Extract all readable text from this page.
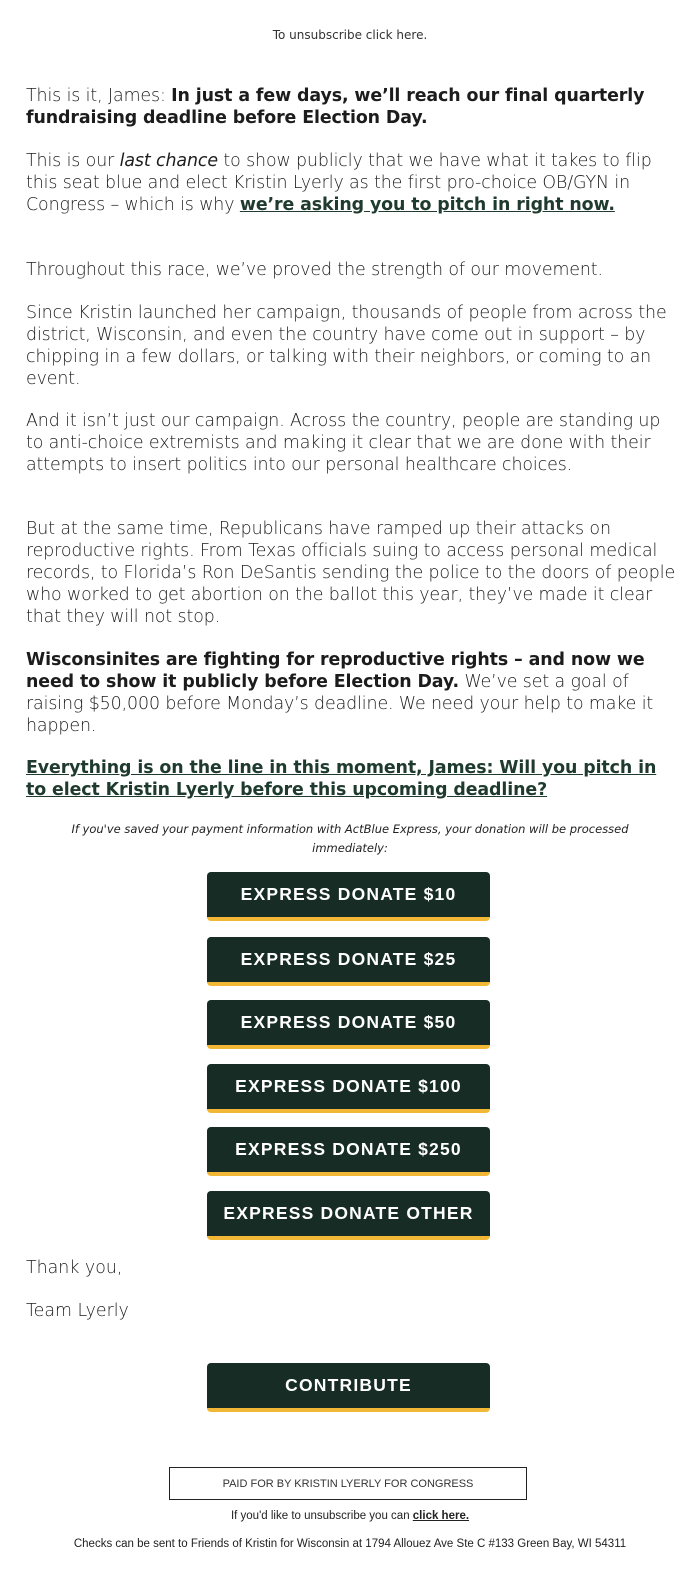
To unsubscribe click here.

This is it, James: In just a few days, we’ll reach our final quarterly fundraising deadline before Election Day.

This is our last chance to show publicly that we have what it takes to flip this seat blue and elect Kristin Lyerly as the first pro-choice OB/GYN in Congress – which is why we’re asking you to pitch in right now.

Throughout this race, we’ve proved the strength of our movement.

Since Kristin launched her campaign, thousands of people from across the district, Wisconsin, and even the country have come out in support – by chipping in a few dollars, or talking with their neighbors, or coming to an event.

And it isn’t just our campaign. Across the country, people are standing up to anti-choice extremists and making it clear that we are done with their attempts to insert politics into our personal healthcare choices.

But at the same time, Republicans have ramped up their attacks on reproductive rights. From Texas officials suing to access personal medical records, to Florida’s Ron DeSantis sending the police to the doors of people who worked to get abortion on the ballot this year, they’ve made it clear that they will not stop.

Wisconsinites are fighting for reproductive rights – and now we need to show it publicly before Election Day. We’ve set a goal of raising $50,000 before Monday’s deadline. We need your help to make it happen.

Everything is on the line in this moment, James: Will you pitch in to elect Kristin Lyerly before this upcoming deadline?

If you've saved your payment information with ActBlue Express, your donation will be processed immediately:
EXPRESS DONATE $10
EXPRESS DONATE $25
EXPRESS DONATE $50
EXPRESS DONATE $100
EXPRESS DONATE $250
EXPRESS DONATE OTHER
Thank you,
Team Lyerly
CONTRIBUTE
PAID FOR BY KRISTIN LYERLY FOR CONGRESS
If you'd like to unsubscribe you can click here.
Checks can be sent to Friends of Kristin for Wisconsin at 1794 Allouez Ave Ste C #133 Green Bay, WI 54311
